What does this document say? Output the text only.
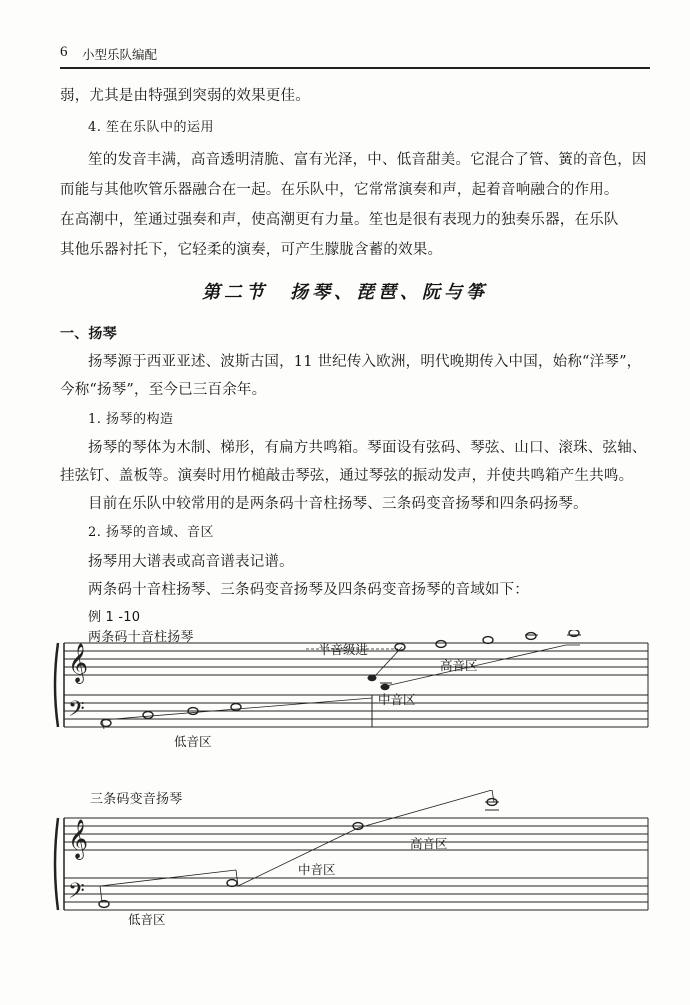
6 小型乐队编配
弱，尤其是由特强到突弱的效果更佳。
4. 笙在乐队中的运用
笙的发音丰满，高音透明清脆、富有光泽，中、低音甜美。它混合了管、簧的音色，因
而能与其他吹管乐器融合在一起。在乐队中，它常常演奏和声，起着音响融合的作用。
在高潮中，笙通过强奏和声，使高潮更有力量。笙也是很有表现力的独奏乐器，在乐队
其他乐器衬托下，它轻柔的演奏，可产生朦胧含蓄的效果。
第二节　扬琴、琵琶、阮与筝
一、扬琴
扬琴源于西亚亚述、波斯古国，11 世纪传入欧洲，明代晚期传入中国，始称“洋琴”，
今称“扬琴”，至今已三百余年。
1. 扬琴的构造
扬琴的琴体为木制、梯形，有扁方共鸣箱。琴面设有弦码、琴弦、山口、滚珠、弦轴、
挂弦钉、盖板等。演奏时用竹槌敲击琴弦，通过琴弦的振动发声，并使共鸣箱产生共鸣。
目前在乐队中较常用的是两条码十音柱扬琴、三条码变音扬琴和四条码扬琴。
2. 扬琴的音域、音区
扬琴用大谱表或高音谱表记谱。
两条码十音柱扬琴、三条码变音扬琴及四条码变音扬琴的音域如下：
例 1 -10
两条码十音柱扬琴
𝄞
𝄢
半音级进
高音区
中音区
低音区
三条码变音扬琴
𝄞
𝄢
高音区
中音区
低音区
